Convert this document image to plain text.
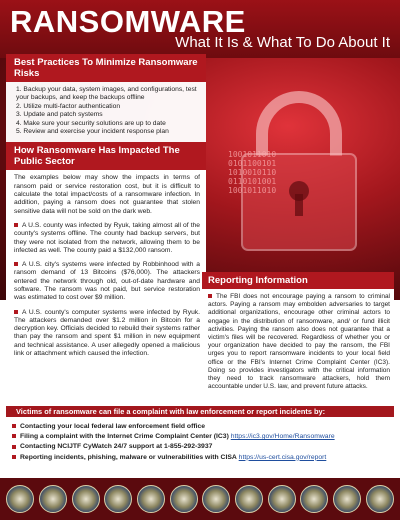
1001011010
0101100101
1010010110
0110101001
1001011010
RANSOMWARE
What It Is & What To Do About It
Best Practices To Minimize Ransomware Risks
1. Backup your data, system images, and configurations, test your backups, and keep the backups offline
2. Utilize multi-factor authentication
3. Update and patch systems
4. Make sure your security solutions are up to date
5. Review and exercise your incident response plan
How Ransomware Has Impacted The Public Sector

The examples below may show the impacts in terms of ransom paid or service restoration cost, but it is difficult to calculate the total impact/costs of a ransomware infection. In addition, paying a ransom does not guarantee that stolen sensitive data will not be sold on the dark web.

A U.S. county was infected by Ryuk, taking almost all of the county's systems offline. The county had backup servers, but they were not isolated from the network, allowing them to be infected as well. The county paid a $132,000 ransom.

A U.S. city's systems were infected by Robbinhood with a ransom demand of 13 Bitcoins ($76,000). The attackers entered the network through old, out-of-date hardware and software. The ransom was not paid, but service restoration was estimated to cost over $9 million.

A U.S. county's computer systems were infected by Ryuk. The attackers demanded over $1.2 million in Bitcoin for a decryption key. Officials decided to rebuild their systems rather than pay the ransom and spent $1 million in new equipment and technical assistance. A user allegedly opened a malicious link or attachment which caused the infection.

Reporting Information
The FBI does not encourage paying a ransom to criminal actors. Paying a ransom may embolden adversaries to target additional organizations, encourage other criminal actors to engage in the distribution of ransomware, and/ or fund illicit activities. Paying the ransom also does not guarantee that a victim's files will be recovered. Regardless of whether you or your organization have decided to pay the ransom, the FBI urges you to report ransomware incidents to your local field office or the FBI's Internet Crime Complaint Center (IC3). Doing so provides investigators with the critical information they need to track ransomware attackers, hold them accountable under U.S. law, and prevent future attacks.
Victims of ransomware can file a complaint with law enforcement or report incidents by:
Contacting your local federal law enforcement field office
Filing a complaint with the Internet Crime Complaint Center (IC3) https://ic3.gov/Home/Ransomware
Contacting NCIJTF CyWatch 24/7 support at 1-855-292-3937
Reporting incidents, phishing, malware or vulnerabilities with CISA https://us-cert.cisa.gov/report
